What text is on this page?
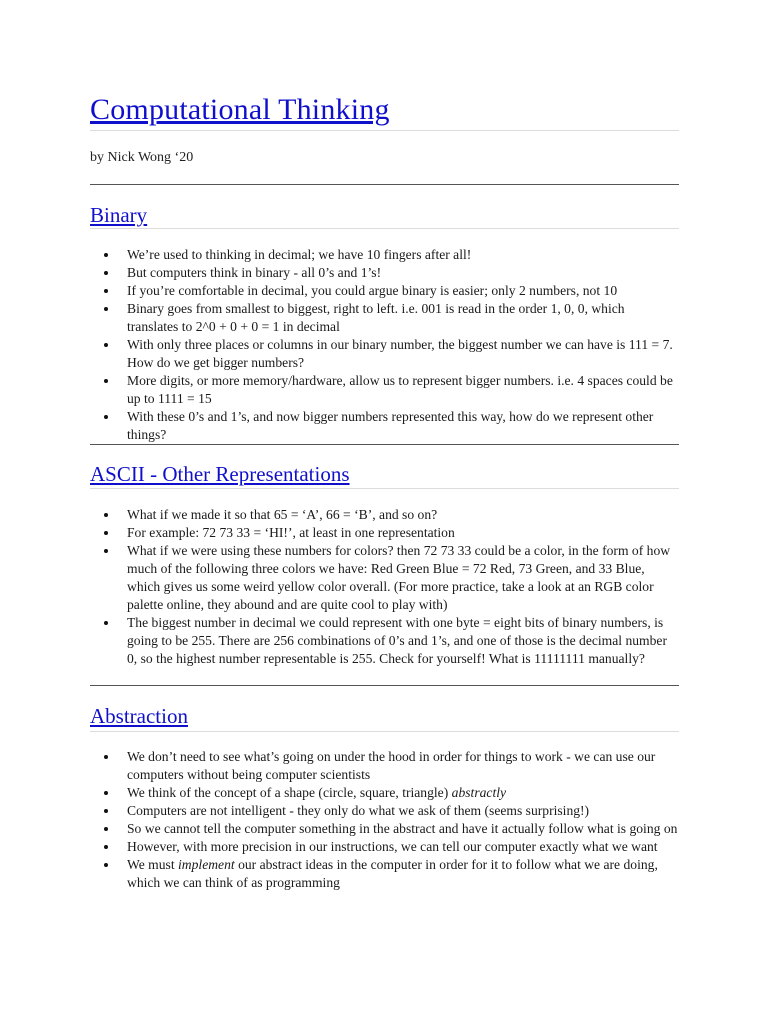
Computational Thinking
by Nick Wong ‘20
Binary
We’re used to thinking in decimal; we have 10 fingers after all!
But computers think in binary - all 0’s and 1’s!
If you’re comfortable in decimal, you could argue binary is easier; only 2 numbers, not 10
Binary goes from smallest to biggest, right to left. i.e. 001 is read in the order 1, 0, 0, which translates to 2^0 + 0 + 0 = 1 in decimal
With only three places or columns in our binary number, the biggest number we can have is 111 = 7. How do we get bigger numbers?
More digits, or more memory/hardware, allow us to represent bigger numbers. i.e. 4 spaces could be up to 1111 = 15
With these 0’s and 1’s, and now bigger numbers represented this way, how do we represent other things?
ASCII - Other Representations
What if we made it so that 65 = ‘A’, 66 = ‘B’, and so on?
For example: 72 73 33 = ‘HI!’, at least in one representation
What if we were using these numbers for colors? then 72 73 33 could be a color, in the form of how much of the following three colors we have: Red Green Blue = 72 Red, 73 Green, and 33 Blue, which gives us some weird yellow color overall. (For more practice, take a look at an RGB color palette online, they abound and are quite cool to play with)
The biggest number in decimal we could represent with one byte = eight bits of binary numbers, is going to be 255. There are 256 combinations of 0’s and 1’s, and one of those is the decimal number 0, so the highest number representable is 255. Check for yourself! What is 11111111 manually?
Abstraction
We don’t need to see what’s going on under the hood in order for things to work - we can use our computers without being computer scientists
We think of the concept of a shape (circle, square, triangle) abstractly
Computers are not intelligent - they only do what we ask of them (seems surprising!)
So we cannot tell the computer something in the abstract and have it actually follow what is going on
However, with more precision in our instructions, we can tell our computer exactly what we want
We must implement our abstract ideas in the computer in order for it to follow what we are doing, which we can think of as programming
